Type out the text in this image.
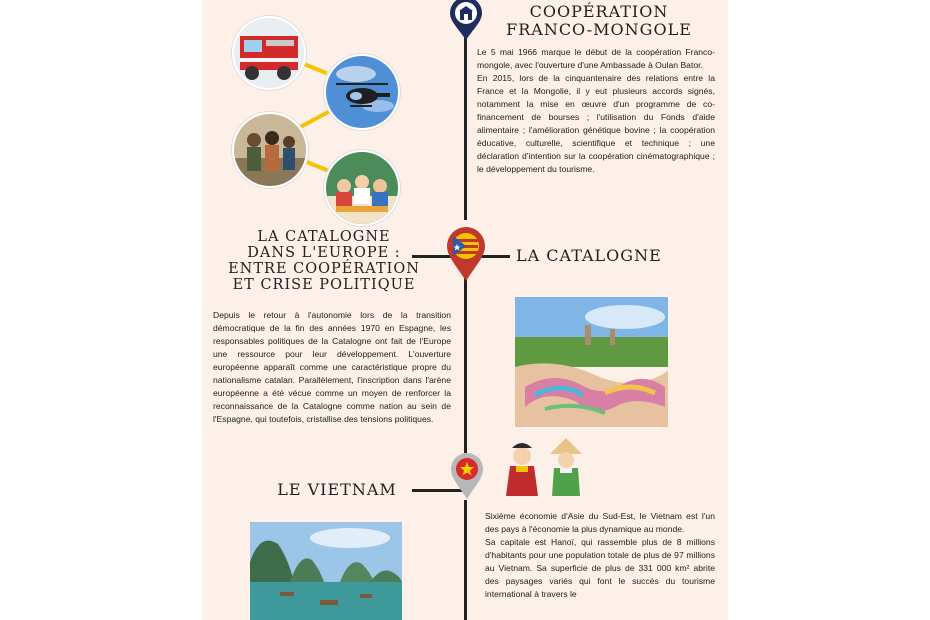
COOPÉRATION
FRANCO-MONGOLE

Le 5 mai 1966 marque le début de la coopération Franco-mongole, avec l'ouverture d'une Ambassade à Oulan Bator.

En 2015, lors de la cinquantenaire des relations entre la France et la Mongolie, il y eut plusieurs accords signés, notamment la mise en œuvre d'un programme de co-financement de bourses ; l'utilisation du Fonds d'aide alimentaire ; l'amélioration génétique bovine ; la coopération éducative, culturelle, scientifique et technique ; une déclaration d'intention sur la coopération cinématographique ; le développement du tourisme.

LA CATALOGNE
LA CATALOGNE
DANS L'EUROPE :
ENTRE COOPÉRATION
ET CRISE POLITIQUE

Depuis le retour à l'autonomie lors de la transition démocratique de la fin des années 1970 en Espagne, les responsables politiques de la Catalogne ont fait de l'Europe une ressource pour leur développement. L'ouverture européenne apparaît comme une caractéristique propre du nationalisme catalan. Parallèlement, l'inscription dans l'arène européenne a été vécue comme un moyen de renforcer la reconnaissance de la Catalogne comme nation au sein de l'Espagne, qui toutefois, cristallise des tensions politiques.

LE VIETNAM

Sixième économie d'Asie du Sud-Est, le Vietnam est l'un des pays à l'économie la plus dynamique au monde.

Sa capitale est Hanoï, qui rassemble plus de 8 millions d'habitants pour une population totale de plus de 97 millions au Vietnam. Sa superficie de plus de 331 000 km² abrite des paysages variés qui font le succès du tourisme international à travers le
